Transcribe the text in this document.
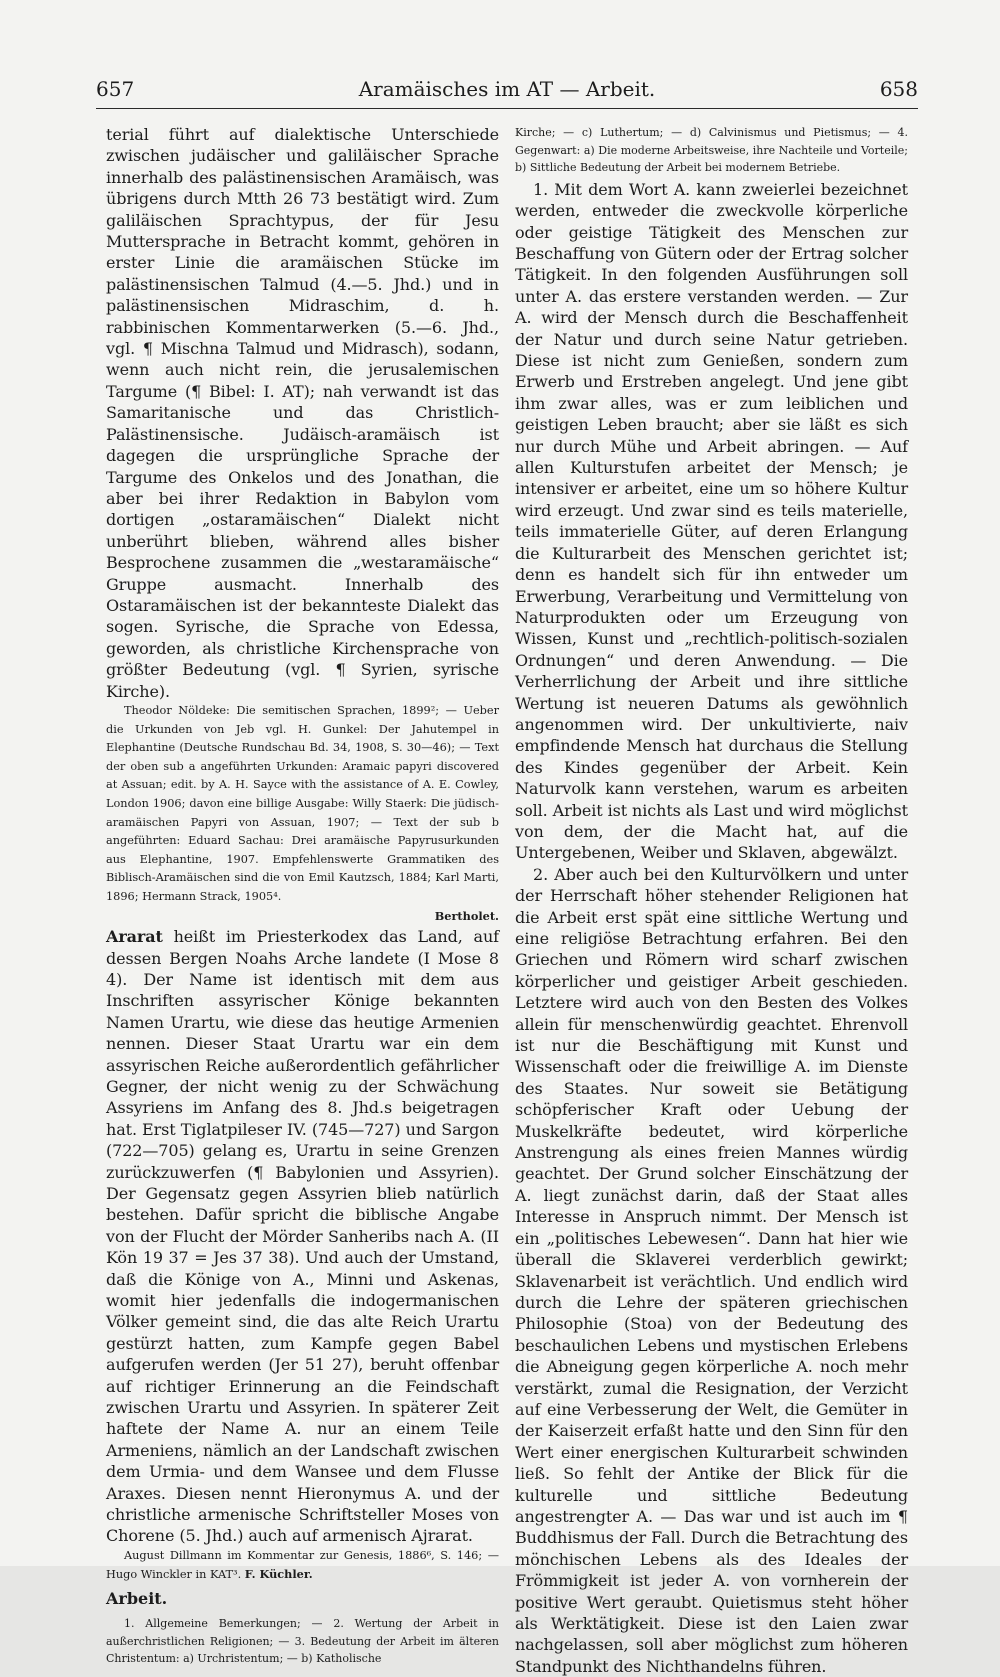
657	Aramäisches im AT — Arbeit.	658

terial führt auf dialektische Unterschiede zwischen judäischer und galiläischer Sprache innerhalb des palästinensischen Aramäisch, was übrigens durch Mtth 26 73 bestätigt wird. Zum galiläischen Sprachtypus, der für Jesu Muttersprache in Betracht kommt, gehören in erster Linie die aramäischen Stücke im palästinensischen Talmud (4.—5. Jhd.) und in palästinensischen Midraschim, d. h. rabbinischen Kommentarwerken (5.—6. Jhd., vgl. ¶ Mischna Talmud und Midrasch), sodann, wenn auch nicht rein, die jerusalemischen Targume (¶ Bibel: I. AT); nah verwandt ist das Samaritanische und das Christlich-Palästinensische. Judäisch-aramäisch ist dagegen die ursprüngliche Sprache der Targume des Onkelos und des Jonathan, die aber bei ihrer Redaktion in Babylon vom dortigen „ostaramäischen“ Dialekt nicht unberührt blieben, während alles bisher Besprochene zusammen die „westaramäische“ Gruppe ausmacht. Innerhalb des Ostaramäischen ist der bekannteste Dialekt das sogen. Syrische, die Sprache von Edessa, geworden, als christliche Kirchensprache von größter Bedeutung (vgl. ¶ Syrien, syrische Kirche).

Theodor Nöldeke: Die semitischen Sprachen, 1899²; — Ueber die Urkunden von Jeb vgl. H. Gunkel: Der Jahutempel in Elephantine (Deutsche Rundschau Bd. 34, 1908, S. 30—46); — Text der oben sub a angeführten Urkunden: Aramaic papyri discovered at Assuan; edit. by A. H. Sayce with the assistance of A. E. Cowley, London 1906; davon eine billige Ausgabe: Willy Staerk: Die jüdisch-aramäischen Papyri von Assuan, 1907; — Text der sub b angeführten: Eduard Sachau: Drei aramäische Papyrusurkunden aus Elephantine, 1907. Empfehlenswerte Grammatiken des Biblisch-Aramäischen sind die von Emil Kautzsch, 1884; Karl Marti, 1896; Hermann Strack, 1905⁴.

Bertholet.

Ararat heißt im Priesterkodex das Land, auf dessen Bergen Noahs Arche landete (I Mose 8 4). Der Name ist identisch mit dem aus Inschriften assyrischer Könige bekannten Namen Urartu, wie diese das heutige Armenien nennen. Dieser Staat Urartu war ein dem assyrischen Reiche außerordentlich gefährlicher Gegner, der nicht wenig zu der Schwächung Assyriens im Anfang des 8. Jhd.s beigetragen hat. Erst Tiglatpileser IV. (745—727) und Sargon (722—705) gelang es, Urartu in seine Grenzen zurückzuwerfen (¶ Babylonien und Assyrien). Der Gegensatz gegen Assyrien blieb natürlich bestehen. Dafür spricht die biblische Angabe von der Flucht der Mörder Sanheribs nach A. (II Kön 19 37 = Jes 37 38). Und auch der Umstand, daß die Könige von A., Minni und Askenas, womit hier jedenfalls die indogermanischen Völker gemeint sind, die das alte Reich Urartu gestürzt hatten, zum Kampfe gegen Babel aufgerufen werden (Jer 51 27), beruht offenbar auf richtiger Erinnerung an die Feindschaft zwischen Urartu und Assyrien. In späterer Zeit haftete der Name A. nur an einem Teile Armeniens, nämlich an der Landschaft zwischen dem Urmia- und dem Wansee und dem Flusse Araxes. Diesen nennt Hieronymus A. und der christliche armenische Schriftsteller Moses von Chorene (5. Jhd.) auch auf armenisch Ajrarat.

August Dillmann im Kommentar zur Genesis, 1886⁶, S. 146; — Hugo Winckler in KAT³. F. Küchler.

Arbeit.

1. Allgemeine Bemerkungen; — 2. Wertung der Arbeit in außerchristlichen Religionen; — 3. Bedeutung der Arbeit im älteren Christentum: a) Urchristentum; — b) Katholische

Kirche; — c) Luthertum; — d) Calvinismus und Pietismus; — 4. Gegenwart: a) Die moderne Arbeitsweise, ihre Nachteile und Vorteile; b) Sittliche Bedeutung der Arbeit bei modernem Betriebe.

1. Mit dem Wort A. kann zweierlei bezeichnet werden, entweder die zweckvolle körperliche oder geistige Tätigkeit des Menschen zur Beschaffung von Gütern oder der Ertrag solcher Tätigkeit. In den folgenden Ausführungen soll unter A. das erstere verstanden werden. — Zur A. wird der Mensch durch die Beschaffenheit der Natur und durch seine Natur getrieben. Diese ist nicht zum Genießen, sondern zum Erwerb und Erstreben angelegt. Und jene gibt ihm zwar alles, was er zum leiblichen und geistigen Leben braucht; aber sie läßt es sich nur durch Mühe und Arbeit abringen. — Auf allen Kulturstufen arbeitet der Mensch; je intensiver er arbeitet, eine um so höhere Kultur wird erzeugt. Und zwar sind es teils materielle, teils immaterielle Güter, auf deren Erlangung die Kulturarbeit des Menschen gerichtet ist; denn es handelt sich für ihn entweder um Erwerbung, Verarbeitung und Vermittelung von Naturprodukten oder um Erzeugung von Wissen, Kunst und „rechtlich-politisch-sozialen Ordnungen“ und deren Anwendung. — Die Verherrlichung der Arbeit und ihre sittliche Wertung ist neueren Datums als gewöhnlich angenommen wird. Der unkultivierte, naiv empfindende Mensch hat durchaus die Stellung des Kindes gegenüber der Arbeit. Kein Naturvolk kann verstehen, warum es arbeiten soll. Arbeit ist nichts als Last und wird möglichst von dem, der die Macht hat, auf die Untergebenen, Weiber und Sklaven, abgewälzt.

2. Aber auch bei den Kulturvölkern und unter der Herrschaft höher stehender Religionen hat die Arbeit erst spät eine sittliche Wertung und eine religiöse Betrachtung erfahren. Bei den Griechen und Römern wird scharf zwischen körperlicher und geistiger Arbeit geschieden. Letztere wird auch von den Besten des Volkes allein für menschenwürdig geachtet. Ehrenvoll ist nur die Beschäftigung mit Kunst und Wissenschaft oder die freiwillige A. im Dienste des Staates. Nur soweit sie Betätigung schöpferischer Kraft oder Uebung der Muskelkräfte bedeutet, wird körperliche Anstrengung als eines freien Mannes würdig geachtet. Der Grund solcher Einschätzung der A. liegt zunächst darin, daß der Staat alles Interesse in Anspruch nimmt. Der Mensch ist ein „politisches Lebewesen“. Dann hat hier wie überall die Sklaverei verderblich gewirkt; Sklavenarbeit ist verächtlich. Und endlich wird durch die Lehre der späteren griechischen Philosophie (Stoa) von der Bedeutung des beschaulichen Lebens und mystischen Erlebens die Abneigung gegen körperliche A. noch mehr verstärkt, zumal die Resignation, der Verzicht auf eine Verbesserung der Welt, die Gemüter in der Kaiserzeit erfaßt hatte und den Sinn für den Wert einer energischen Kulturarbeit schwinden ließ. So fehlt der Antike der Blick für die kulturelle und sittliche Bedeutung angestrengter A. — Das war und ist auch im ¶ Buddhismus der Fall. Durch die Betrachtung des mönchischen Lebens als des Ideales der Frömmigkeit ist jeder A. von vornherein der positive Wert geraubt. Quietismus steht höher als Werktätigkeit. Diese ist den Laien zwar nachgelassen, soll aber möglichst zum höheren Standpunkt des Nichthandelns führen.
